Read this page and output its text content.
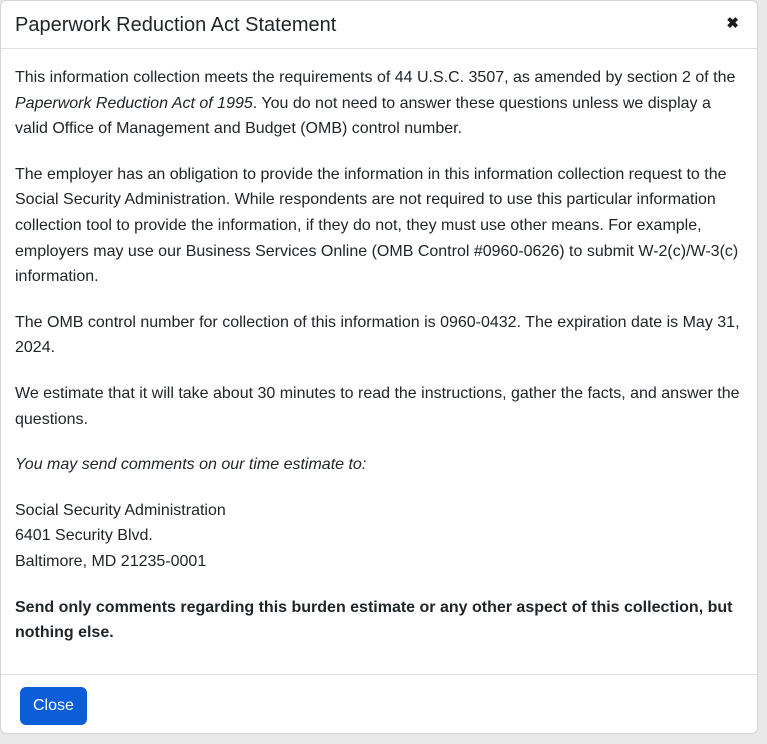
Paperwork Reduction Act Statement	✖

This information collection meets the requirements of 44 U.S.C. 3507, as amended by section 2 of the Paperwork Reduction Act of 1995. You do not need to answer these questions unless we display a valid Office of Management and Budget (OMB) control number.

The employer has an obligation to provide the information in this information collection request to the Social Security Administration. While respondents are not required to use this particular information collection tool to provide the information, if they do not, they must use other means. For example, employers may use our Business Services Online (OMB Control #0960-0626) to submit W-2(c)/W-3(c) information.

The OMB control number for collection of this information is 0960-0432. The expiration date is May 31, 2024.

We estimate that it will take about 30 minutes to read the instructions, gather the facts, and answer the questions.

You may send comments on our time estimate to:

Social Security Administration
6401 Security Blvd.
Baltimore, MD 21235-0001

Send only comments regarding this burden estimate or any other aspect of this collection, but nothing else.

Close
